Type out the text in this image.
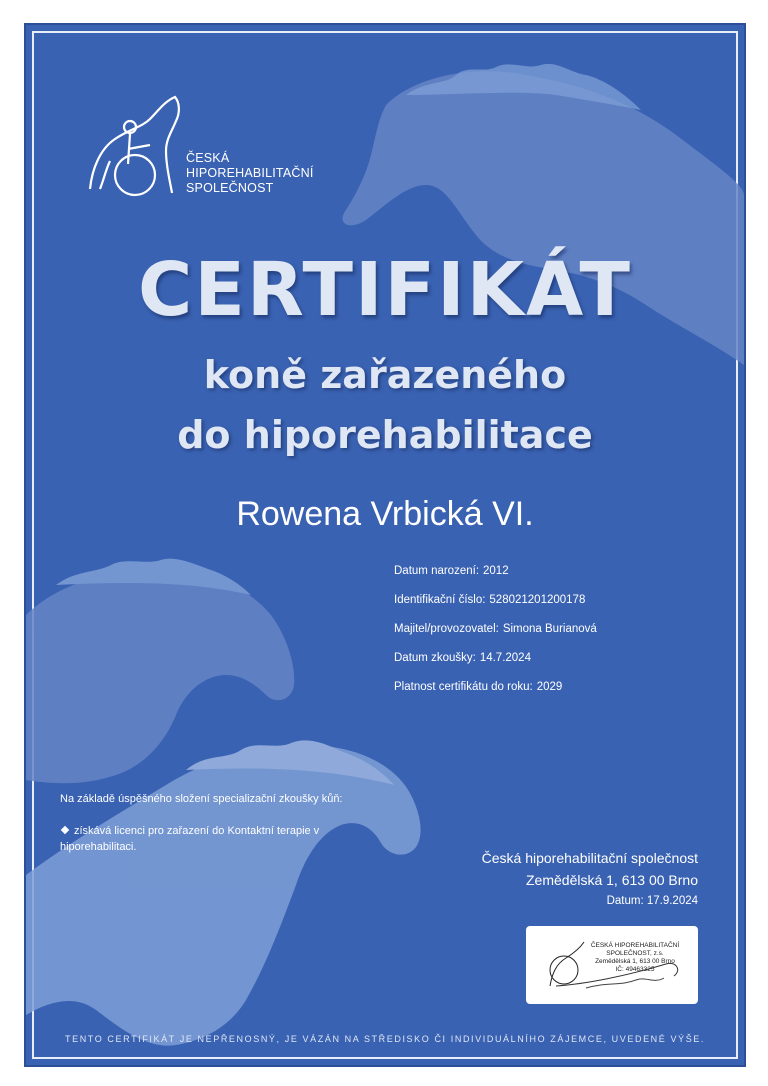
ČESKÁ
HIPOREHABILITAČNÍ
SPOLEČNOST
CERTIFIKÁT
koně zařazeného
do hiporehabilitace
Rowena Vrbická VI.
Datum narození: 2012
Identifikační číslo: 528021201200178
Majitel/provozovatel: Simona Burianová
Datum zkoušky: 14.7.2024
Platnost certifikátu do roku: 2029
Na základě úspěšného složení specializační zkoušky kůň:
získává licenci pro zařazení do Kontaktní terapie v hiporehabilitaci.
Česká hiporehabilitační společnost
Zemědělská 1, 613 00 Brno
Datum: 17.9.2024
ČESKÁ HIPOREHABILITAČNÍ
SPOLEČNOST, z.s.
Zemědělská 1, 613 00 Brno
IČ: 49463325
TENTO CERTIFIKÁT JE NEPŘENOSNÝ, JE VÁZÁN NA STŘEDISKO ČI INDIVIDUÁLNÍHO ZÁJEMCE, UVEDENÉ VÝŠE.
